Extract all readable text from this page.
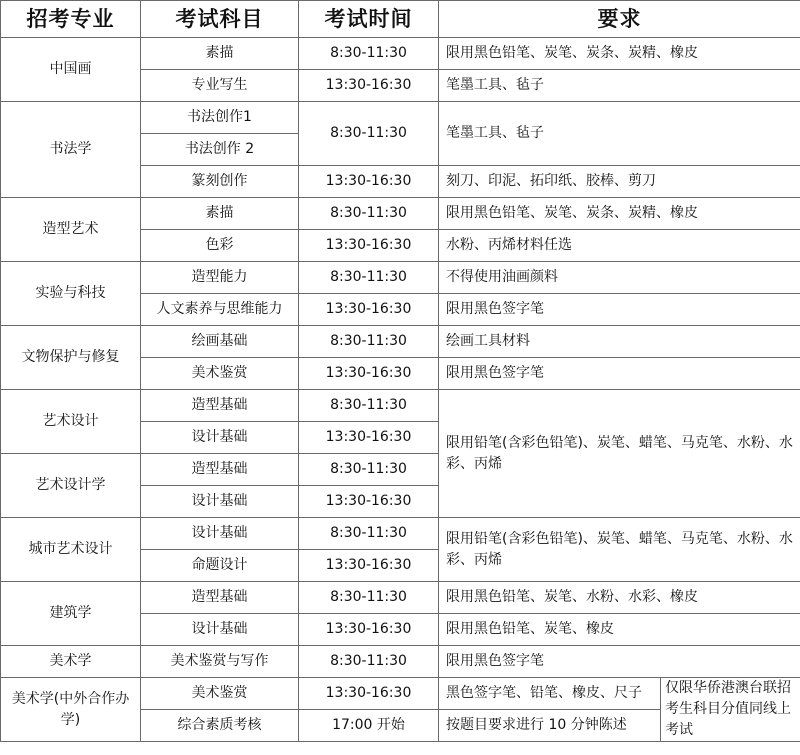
招考专业	考试科目	考试时间	要求	
中国画	素描	8:30-11:30	限用黑色铅笔、炭笔、炭条、炭精、橡皮	
	专业写生	13:30-16:30	笔墨工具、毡子	
书法学	书法创作1	8:30-11:30	笔墨工具、毡子	
	书法创作 2			
	篆刻创作	13:30-16:30	刻刀、印泥、拓印纸、胶棒、剪刀	
造型艺术	素描	8:30-11:30	限用黑色铅笔、炭笔、炭条、炭精、橡皮	
	色彩	13:30-16:30	水粉、丙烯材料任选	
实验与科技	造型能力	8:30-11:30	不得使用油画颜料	
	人文素养与思维能力	13:30-16:30	限用黑色签字笔	
文物保护与修复	绘画基础	8:30-11:30	绘画工具材料	
	美术鉴赏	13:30-16:30	限用黑色签字笔	
艺术设计	造型基础	8:30-11:30	限用铅笔(含彩色铅笔)、炭笔、蜡笔、马克笔、水粉、水彩、丙烯	
	设计基础	13:30-16:30		
艺术设计学	造型基础	8:30-11:30		
	设计基础	13:30-16:30		
城市艺术设计	设计基础	8:30-11:30	限用铅笔(含彩色铅笔)、炭笔、蜡笔、马克笔、水粉、水彩、丙烯	
	命题设计	13:30-16:30		
建筑学	造型基础	8:30-11:30	限用黑色铅笔、炭笔、水粉、水彩、橡皮	
	设计基础	13:30-16:30	限用黑色铅笔、炭笔、橡皮	
美术学	美术鉴赏与写作	8:30-11:30	限用黑色签字笔	
美术学(中外合作办学)	美术鉴赏	13:30-16:30	黑色签字笔、铅笔、橡皮、尺子	仅限华侨港澳台联招考生科目分值同线上考试
	综合素质考核	17:00 开始	按题目要求进行 10 分钟陈述	
